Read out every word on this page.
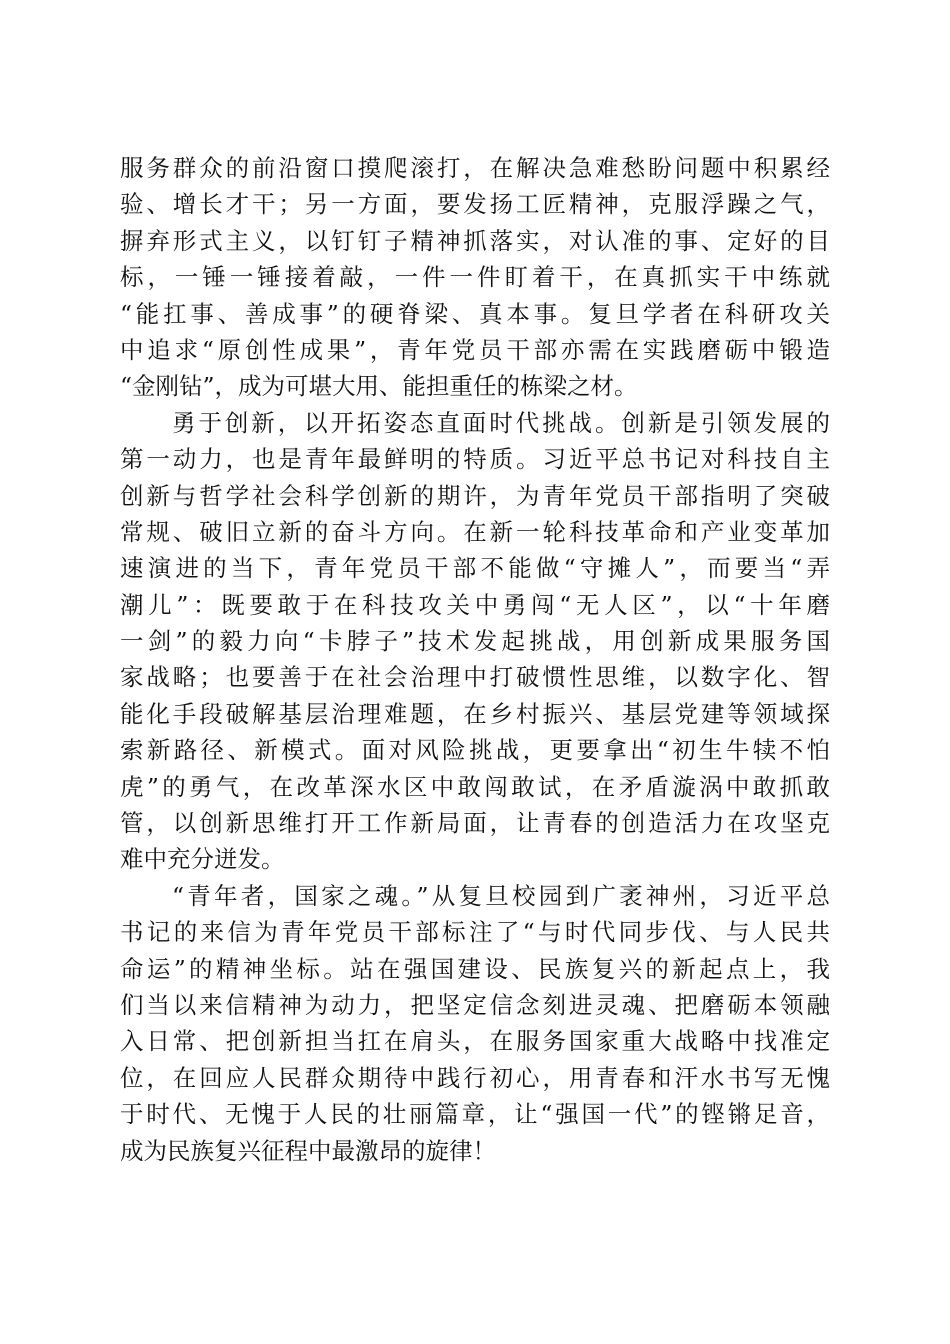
服务群众的前沿窗口摸爬滚打，在解决急难愁盼问题中积累经
验、增长才干；另一方面，要发扬工匠精神，克服浮躁之气，
摒弃形式主义，以钉钉子精神抓落实，对认准的事、定好的目
标，一锤一锤接着敲，一件一件盯着干，在真抓实干中练就
“能扛事、善成事”的硬脊梁、真本事。复旦学者在科研攻关
中追求“原创性成果”，青年党员干部亦需在实践磨砺中锻造
“金刚钻”，成为可堪大用、能担重任的栋梁之材。
勇于创新，以开拓姿态直面时代挑战。创新是引领发展的
第一动力，也是青年最鲜明的特质。习近平总书记对科技自主
创新与哲学社会科学创新的期许，为青年党员干部指明了突破
常规、破旧立新的奋斗方向。在新一轮科技革命和产业变革加
速演进的当下，青年党员干部不能做“守摊人”，而要当“弄
潮儿”：既要敢于在科技攻关中勇闯“无人区”，以“十年磨
一剑”的毅力向“卡脖子”技术发起挑战，用创新成果服务国
家战略；也要善于在社会治理中打破惯性思维，以数字化、智
能化手段破解基层治理难题，在乡村振兴、基层党建等领域探
索新路径、新模式。面对风险挑战，更要拿出“初生牛犊不怕
虎”的勇气，在改革深水区中敢闯敢试，在矛盾漩涡中敢抓敢
管，以创新思维打开工作新局面，让青春的创造活力在攻坚克
难中充分迸发。
“青年者，国家之魂。”从复旦校园到广袤神州，习近平总
书记的来信为青年党员干部标注了“与时代同步伐、与人民共
命运”的精神坐标。站在强国建设、民族复兴的新起点上，我
们当以来信精神为动力，把坚定信念刻进灵魂、把磨砺本领融
入日常、把创新担当扛在肩头，在服务国家重大战略中找准定
位，在回应人民群众期待中践行初心，用青春和汗水书写无愧
于时代、无愧于人民的壮丽篇章，让“强国一代”的铿锵足音，
成为民族复兴征程中最激昂的旋律！
